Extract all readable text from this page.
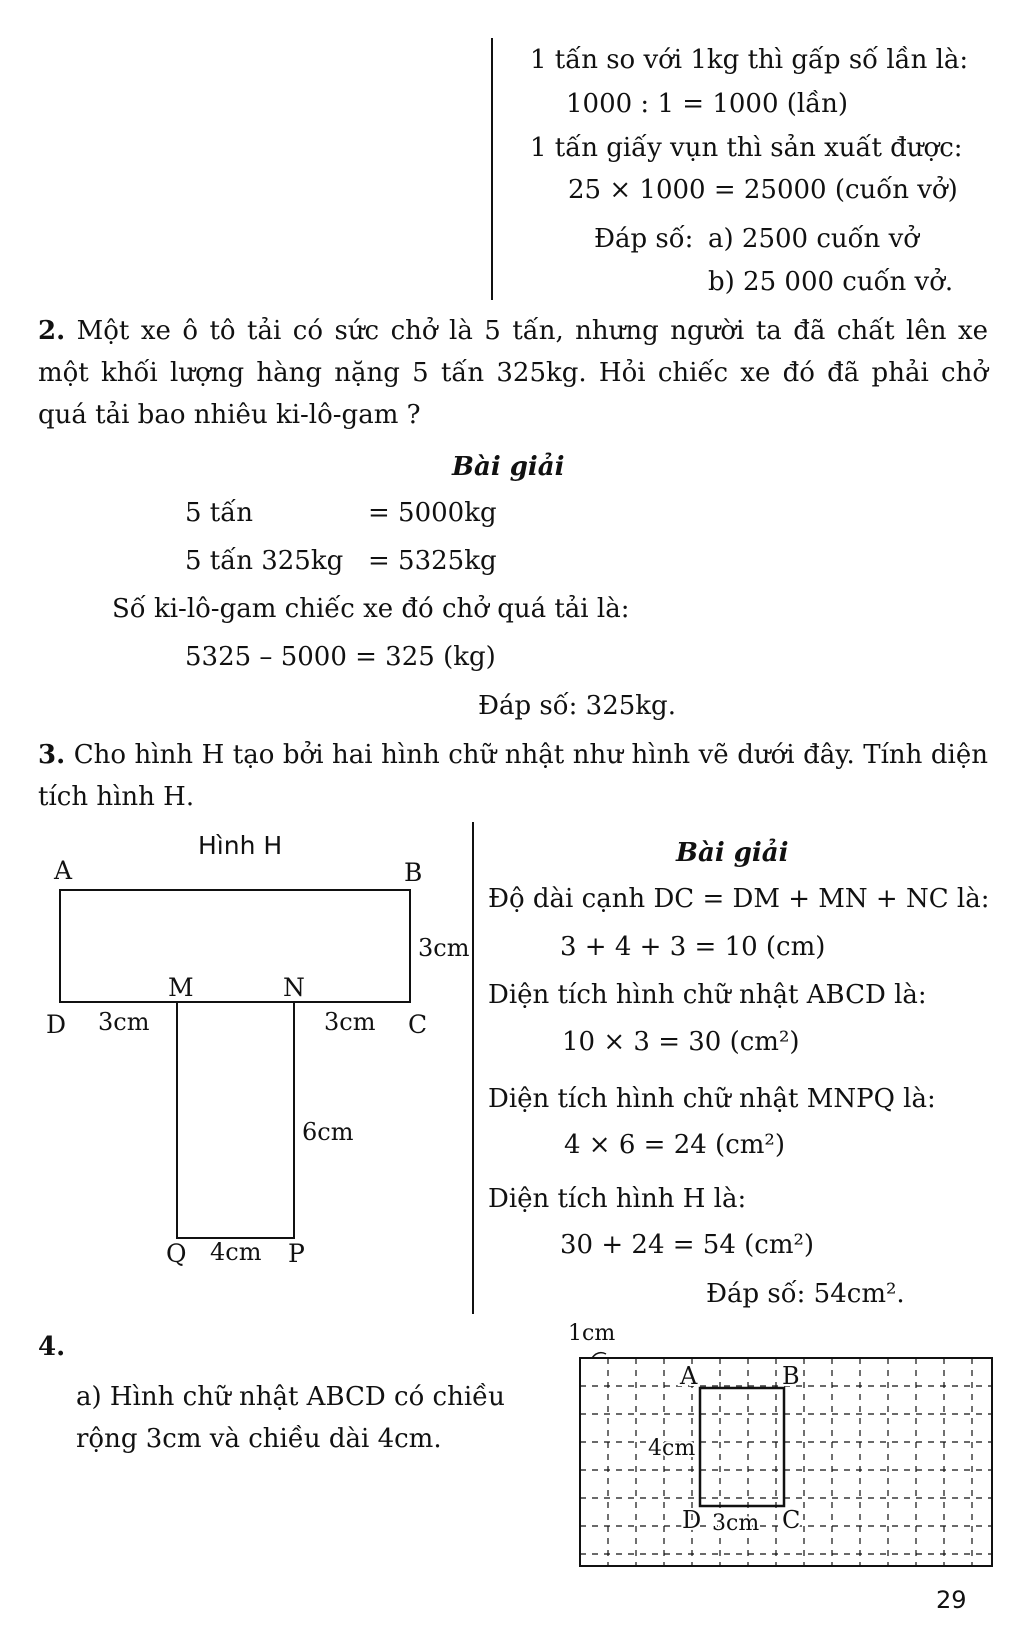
1 tấn so với 1kg thì gấp số lần là:
1000 : 1 = 1000 (lần)
1 tấn giấy vụn thì sản xuất được:
25 × 1000 = 25000 (cuốn vở)
Đáp số: a) 2500 cuốn vở
b) 25 000 cuốn vở.
2. Một xe ô tô tải có sức chở là 5 tấn, nhưng người ta đã chất lên xe một khối lượng hàng nặng 5 tấn 325kg. Hỏi chiếc xe đó đã phải chở quá tải bao nhiêu ki-lô-gam ?
Bài giải
5 tấn	= 5000kg
5 tấn 325kg = 5325kg
Số ki-lô-gam chiếc xe đó chở quá tải là:
5325 – 5000 = 325 (kg)
Đáp số: 325kg.
3. Cho hình H tạo bởi hai hình chữ nhật như hình vẽ dưới đây. Tính diện tích hình H.
Hình H
A	B
3cm
M	N
D 3cm	3cm C
6cm
Q 4cm P
Bài giải
Độ dài cạnh DC = DM + MN + NC là:
3 + 4 + 3 = 10 (cm)
Diện tích hình chữ nhật ABCD là:
10 × 3 = 30 (cm²)
Diện tích hình chữ nhật MNPQ là:
4 × 6 = 24 (cm²)
Diện tích hình H là:
30 + 24 = 54 (cm²)
Đáp số: 54cm².
4.
a) Hình chữ nhật ABCD có chiều rộng 3cm và chiều dài 4cm.
1cm
A	B
4cm
D 3cm C
29
